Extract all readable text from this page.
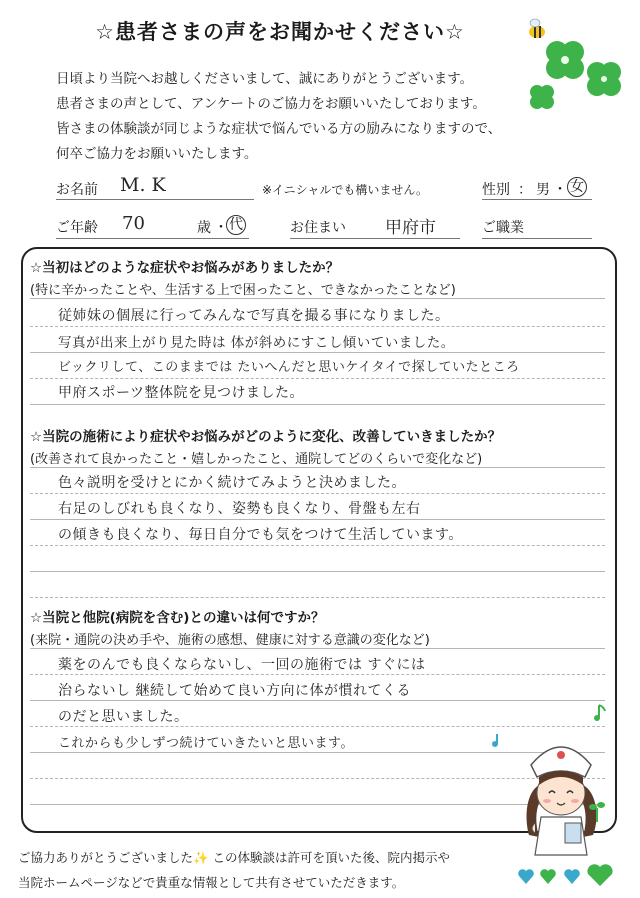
☆患者さまの声をお聞かせください☆
日頃より当院へお越しくださいまして、誠にありがとうございます。
患者さまの声として、アンケートのご協力をお願いいたしております。
皆さまの体験談が同じような症状で悩んでいる方の励みになりますので、
何卒ご協力をお願いいたします。
お名前 M. K	※イニシャルでも構いません。	性別 ： 男 ・ 女
ご年齢 70	歳 ・ 代	お住まい 甲府市	ご職業
☆当初はどのような症状やお悩みがありましたか？
(特に辛かったことや、生活する上で困ったこと、できなかったことなど)
従姉妹の個展に行ってみんなで写真を撮る事になりました。
写真が出来上がり見た時は 体が斜めにすこし傾いていました。
ビックリして、このままでは たいへんだと思いケイタイで探していたところ
甲府スポーツ整体院を見つけました。
☆当院の施術により症状やお悩みがどのように変化、改善していきましたか？
(改善されて良かったこと・嬉しかったこと、通院してどのくらいで変化など)
色々説明を受けとにかく続けてみようと決めました。
右足のしびれも良くなり、姿勢も良くなり、骨盤も左右
の傾きも良くなり、毎日自分でも気をつけて生活しています。
☆当院と他院(病院を含む)との違いは何ですか？
(来院・通院の決め手や、施術の感想、健康に対する意識の変化など)
薬をのんでも良くならないし、一回の施術では すぐには
治らないし 継続して始めて良い方向に体が慣れてくる
のだと思いました。
これからも少しずつ続けていきたいと思います。
ご協力ありがとうございました✨ この体験談は許可を頂いた後、院内掲示や
当院ホームページなどで貴重な情報として共有させていただきます。
